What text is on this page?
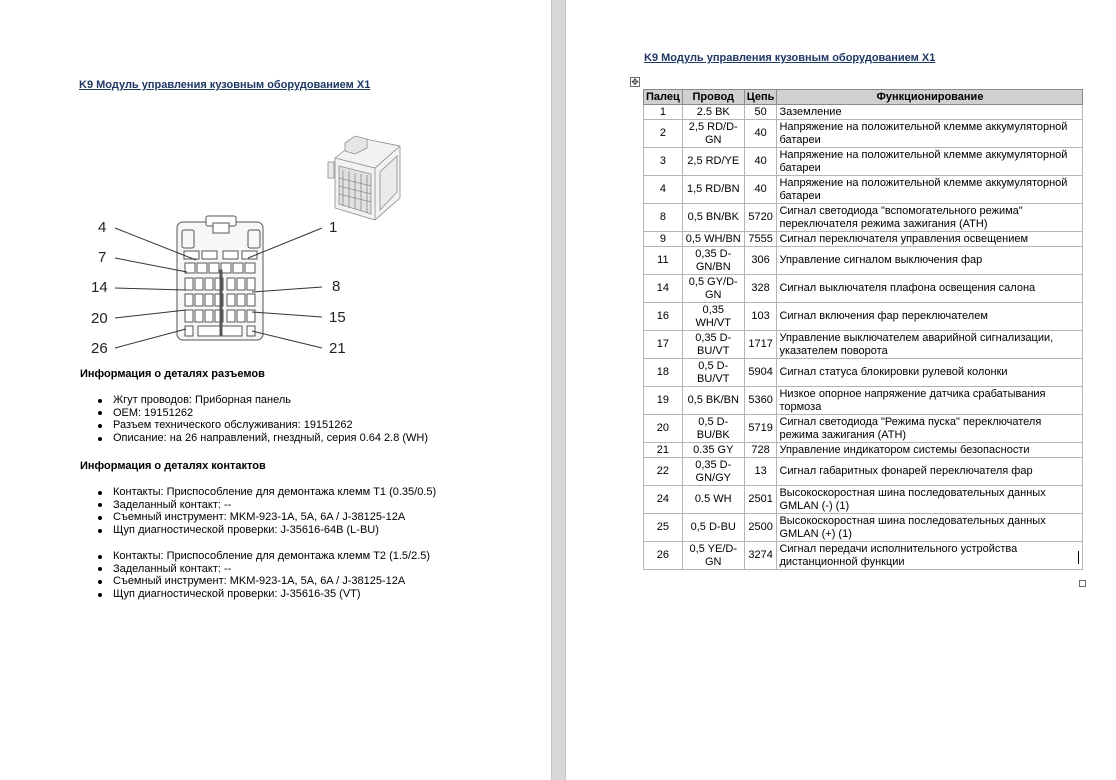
K9 Модуль управления кузовным оборудованием X1
4
7
14
20
26
1
8
15
21
Информация о деталях разъемов
Жгут проводов: Приборная панель
OEM: 19151262
Разъем технического обслуживания: 19151262
Описание: на 26 направлений, гнездный, серия 0.64 2.8 (WH)
Информация о деталях контактов
Контакты: Приспособление для демонтажа клемм T1 (0.35/0.5)
Заделанный контакт: --
Съемный инструмент: MKM-923-1A, 5A, 6A / J-38125-12A
Щуп диагностической проверки: J-35616-64B (L-BU)
Контакты: Приспособление для демонтажа клемм T2 (1.5/2.5)
Заделанный контакт: --
Съемный инструмент: MKM-923-1A, 5A, 6A / J-38125-12A
Щуп диагностической проверки: J-35616-35 (VT)
K9 Модуль управления кузовным оборудованием X1
✥
Палец	Провод	Цепь	Функционирование
1	2.5 BK	50	Заземление
2	2,5 RD/D-GN	40	Напряжение на положительной клемме аккумуляторной батареи
3	2,5 RD/YE	40	Напряжение на положительной клемме аккумуляторной батареи
4	1,5 RD/BN	40	Напряжение на положительной клемме аккумуляторной батареи
8	0,5 BN/BK	5720	Сигнал светодиода "вспомогательного режима" переключателя режима зажигания (ATH)
9	0,5 WH/BN	7555	Сигнал переключателя управления освещением
11	0,35 D-GN/BN	306	Управление сигналом выключения фар
14	0,5 GY/D-GN	328	Сигнал выключателя плафона освещения салона
16	0,35 WH/VT	103	Сигнал включения фар переключателем
17	0,35 D-BU/VT	1717	Управление выключателем аварийной сигнализации, указателем поворота
18	0,5 D-BU/VT	5904	Сигнал статуса блокировки рулевой колонки
19	0,5 BK/BN	5360	Низкое опорное напряжение датчика срабатывания тормоза
20	0,5 D-BU/BK	5719	Сигнал светодиода "Режима пуска" переключателя режима зажигания (ATH)
21	0.35 GY	728	Управление индикатором системы безопасности
22	0,35 D-GN/GY	13	Сигнал габаритных фонарей переключателя фар
24	0.5 WH	2501	Высокоскоростная шина последовательных данных GMLAN (-) (1)
25	0,5 D-BU	2500	Высокоскоростная шина последовательных данных GMLAN (+) (1)
26	0,5 YE/D-GN	3274	Сигнал передачи исполнительного устройства дистанционной функции
